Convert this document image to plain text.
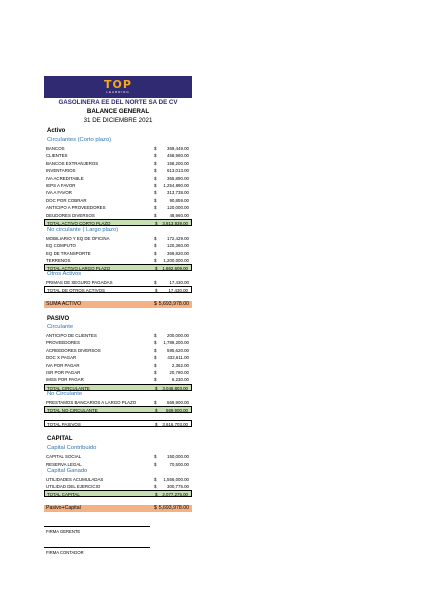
TOP
LEARNING
GASOLINERA EE DEL NORTE SA DE CV
BALANCE GENERAL
31 DE DICIEMBRE 2021
Activo
Circulantes (Corto plazo)
BANCOS	$ 369,449.00
CLIENTES	$ 458,960.00
BANCOS EXTRANJEROS	$ 158,200.00
INVENTARIOS	$ 613,013.00
IVA ACREDITABLE	$ 365,890.00
IEPS A FAVOR	$ 1,254,890.00
IVA A FAVOR	$ 313,738.00
DOC POR COBRAR	$	90,859.00
ANTICIPO A PROVEEDORES	$ 120,000.00
DEUDORES DIVERSOS	$	48,960.00
TOTAL ACTIVO CORTO PLAZO	$ 3,813,939.00
No circulante ( Largo plazo)
MOBILIARIO Y EQ DE OFICINA	$ 172,429.00
EQ COMPUTO	$ 120,360.00
EQ DE TRANSPORTE	$ 369,820.00
TERRENOS	$ 1,200,000.00
TOTAL ACTIVO LARGO PLAZO	$ 1,862,609.00
Otros Activos
PRIMAS DE SEGURO PAGADAS	$	17,430.00
TOTAL DE OTROS ACTIVOS	$	17,430.00
SUMA ACTIVO	$ 5,693,978.00
PASIVO
Circulante
ANTICIPO DE CLIENTES	$ 200,000.00
PROVEEDORES	$ 1,789,200.00
ACREEDORES DIVERSOS	$ 595,620.00
DOC X PAGAR	$ 432,611.00
IVA POR PAGAR	$	2,362.00
ISR POR PAGAR	$	20,780.00
IMSS POR PAGAR	$	6,230.00
TOTAL CIRCULANTE	$ 3,046,803.00
No Circulante
PRESTAMOS BANCARIOS A LARGO PLAZO	$ 569,900.00
TOTAL NO CIRCULANTE	$ 569,900.00
TOTAL PASIVOS	$ 3,616,703.00
CAPITAL
Capital Contribuido
CAPITAL SOCIAL	$ 150,000.00
RESERVA LEGAL	$	70,500.00
Capital Ganado
UTILIDADES ACUMULADAS	$ 1,556,000.00
UTILIDAD DEL EJERCICIO	$ 300,775.00
TOTAL CAPITAL	$ 2,077,275.00
Pasivo+Capital	$ 5,693,978.00
FIRMA GERENTE
FIRMA CONTADOR
